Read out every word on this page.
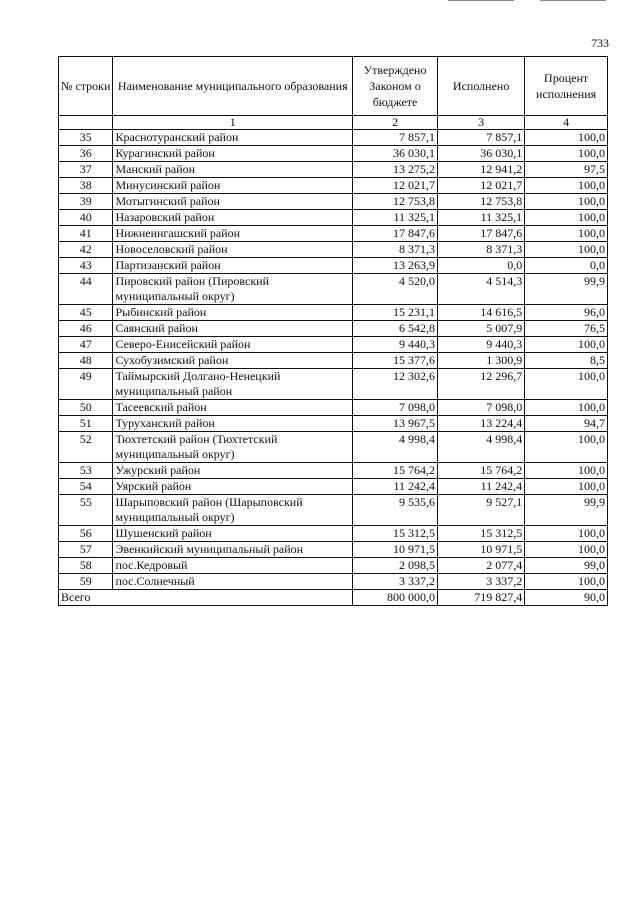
733
№ строки	Наименование муниципального образования	Утверждено Законом о бюджете	Исполнено	Процент исполнения
	1	2	3	4
35	Краснотуранский район	7 857,1	7 857,1	100,0
36	Курагинский район	36 030,1	36 030,1	100,0
37	Манский район	13 275,2	12 941,2	97,5
38	Минусинский район	12 021,7	12 021,7	100,0
39	Мотыгинский район	12 753,8	12 753,8	100,0
40	Назаровский район	11 325,1	11 325,1	100,0
41	Нижнеингашский район	17 847,6	17 847,6	100,0
42	Новоселовский район	8 371,3	8 371,3	100,0
43	Партизанский район	13 263,9	0,0	0,0
44	Пировский район (Пировский муниципальный округ)	4 520,0	4 514,3	99,9
45	Рыбинский район	15 231,1	14 616,5	96,0
46	Саянский район	6 542,8	5 007,9	76,5
47	Северо-Енисейский район	9 440,3	9 440,3	100,0
48	Сухобузимский район	15 377,6	1 300,9	8,5
49	Таймырский Долгано-Ненецкий муниципальный район	12 302,6	12 296,7	100,0
50	Тасеевский район	7 098,0	7 098,0	100,0
51	Туруханский район	13 967,5	13 224,4	94,7
52	Тюхтетский район (Тюхтетский муниципальный округ)	4 998,4	4 998,4	100,0
53	Ужурский район	15 764,2	15 764,2	100,0
54	Уярский район	11 242,4	11 242,4	100,0
55	Шарыповский район (Шарыповский муниципальный округ)	9 535,6	9 527,1	99,9
56	Шушенский район	15 312,5	15 312,5	100,0
57	Эвенкийский муниципальный район	10 971,5	10 971,5	100,0
58	пос.Кедровый	2 098,5	2 077,4	99,0
59	пос.Солнечный	3 337,2	3 337,2	100,0
Всего		800 000,0	719 827,4	90,0
